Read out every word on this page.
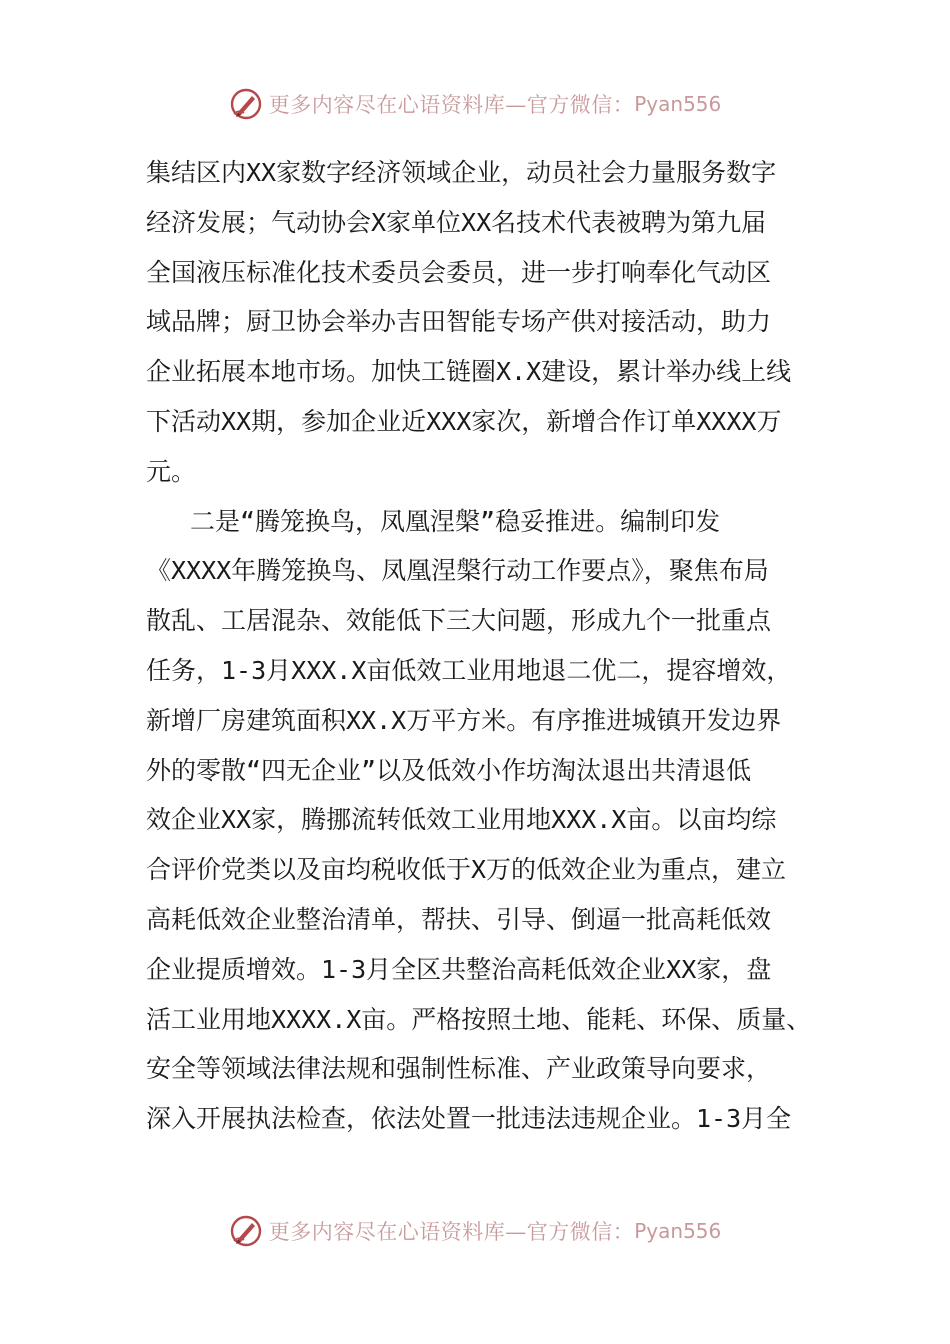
更多内容尽在心语资料库—官方微信： Pyan556
集结区内XX家数字经济领域企业，动员社会力量服务数字
经济发展；气动协会X家单位XX名技术代表被聘为第九届
全国液压标准化技术委员会委员，进一步打响奉化气动区
域品牌；厨卫协会举办吉田智能专场产供对接活动，助力
企业拓展本地市场。加快工链圈X.X建设，累计举办线上线
下活动XX期，参加企业近XXX家次，新增合作订单XXXX万
元。
二是“腾笼换鸟，凤凰涅槃”稳妥推进。编制印发
《XXXX年腾笼换鸟、凤凰涅槃行动工作要点》，聚焦布局
散乱、工居混杂、效能低下三大问题，形成九个一批重点
任务，1-3月XXX.X亩低效工业用地退二优二，提容增效，
新增厂房建筑面积XX.X万平方米。有序推进城镇开发边界
外的零散“四无企业”以及低效小作坊淘汰退出共清退低
效企业XX家，腾挪流转低效工业用地XXX.X亩。以亩均综
合评价党类以及亩均税收低于X万的低效企业为重点，建立
高耗低效企业整治清单，帮扶、引导、倒逼一批高耗低效
企业提质增效。1-3月全区共整治高耗低效企业XX家，盘
活工业用地XXXX.X亩。严格按照土地、能耗、环保、质量、
安全等领域法律法规和强制性标准、产业政策导向要求，
深入开展执法检查，依法处置一批违法违规企业。1-3月全
更多内容尽在心语资料库—官方微信： Pyan556
